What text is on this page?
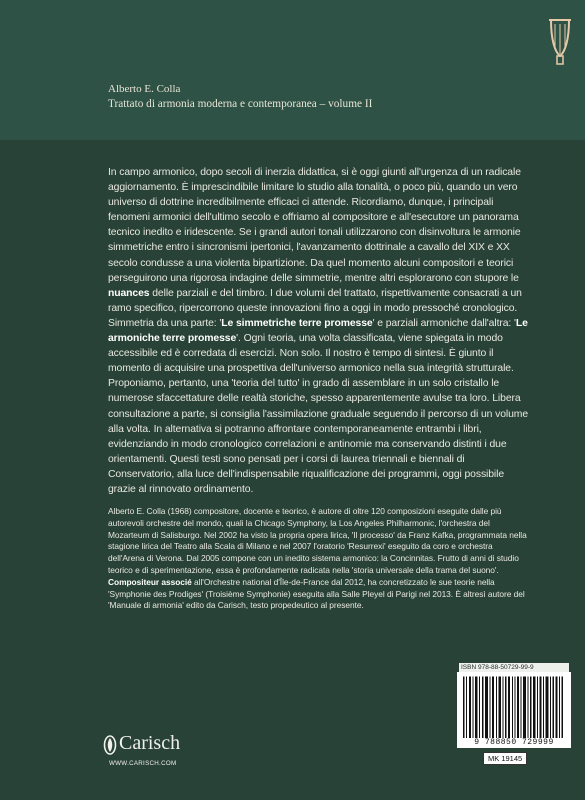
Alberto E. Colla
Trattato di armonia moderna e contemporanea – volume II
In campo armonico, dopo secoli di inerzia didattica, si è oggi giunti all'urgenza di un radicale aggiornamento. È imprescindibile limitare lo studio alla tonalità, o poco più, quando un vero universo di dottrine incredibilmente efficaci ci attende. Ricordiamo, dunque, i principali fenomeni armonici dell'ultimo secolo e offriamo al compositore e all'esecutore un panorama tecnico inedito e iridescente. Se i grandi autori tonali utilizzarono con disinvoltura le armonie simmetriche entro i sincronismi ipertonici, l'avanzamento dottrinale a cavallo del XIX e XX secolo condusse a una violenta bipartizione. Da quel momento alcuni compositori e teorici perseguirono una rigorosa indagine delle simmetrie, mentre altri esplorarono con stupore le nuances delle parziali e del timbro. I due volumi del trattato, rispettivamente consacrati a un ramo specifico, ripercorrono queste innovazioni fino a oggi in modo pressoché cronologico. Simmetria da una parte: 'Le simmetriche terre promesse' e parziali armoniche dall'altra: 'Le armoniche terre promesse'. Ogni teoria, una volta classificata, viene spiegata in modo accessibile ed è corredata di esercizi. Non solo. Il nostro è tempo di sintesi. È giunto il momento di acquisire una prospettiva dell'universo armonico nella sua integrità strutturale. Proponiamo, pertanto, una 'teoria del tutto' in grado di assemblare in un solo cristallo le numerose sfaccettature delle realtà storiche, spesso apparentemente avulse tra loro. Libera consultazione a parte, si consiglia l'assimilazione graduale seguendo il percorso di un volume alla volta. In alternativa si potranno affrontare contemporaneamente entrambi i libri, evidenziando in modo cronologico correlazioni e antinomie ma conservando distinti i due orientamenti. Questi testi sono pensati per i corsi di laurea triennali e biennali di Conservatorio, alla luce dell'indispensabile riqualificazione dei programmi, oggi possibile grazie al rinnovato ordinamento.
Alberto E. Colla (1968) compositore, docente e teorico, è autore di oltre 120 composizioni eseguite dalle più autorevoli orchestre del mondo, quali la Chicago Symphony, la Los Angeles Philharmonic, l'orchestra del Mozarteum di Salisburgo. Nel 2002 ha visto la propria opera lirica, 'Il processo' da Franz Kafka, programmata nella stagione lirica del Teatro alla Scala di Milano e nel 2007 l'oratorio 'Resurrexi' eseguito da coro e orchestra dell'Arena di Verona. Dal 2005 compone con un inedito sistema armonico: la Concinnitas. Frutto di anni di studio teorico e di sperimentazione, essa è profondamente radicata nella 'storia universale della trama del suono'. Compositeur associé all'Orchestre national d'Île-de-France dal 2012, ha concretizzato le sue teorie nella 'Symphonie des Prodiges' (Troisième Symphonie) eseguita alla Salle Pleyel di Parigi nel 2013. È altresì autore del 'Manuale di armonia' edito da Carisch, testo propedeutico al presente.
ISBN 978-88-50729-99-9
9 788850 729999
MK 19145
Carisch
WWW.CARISCH.COM
